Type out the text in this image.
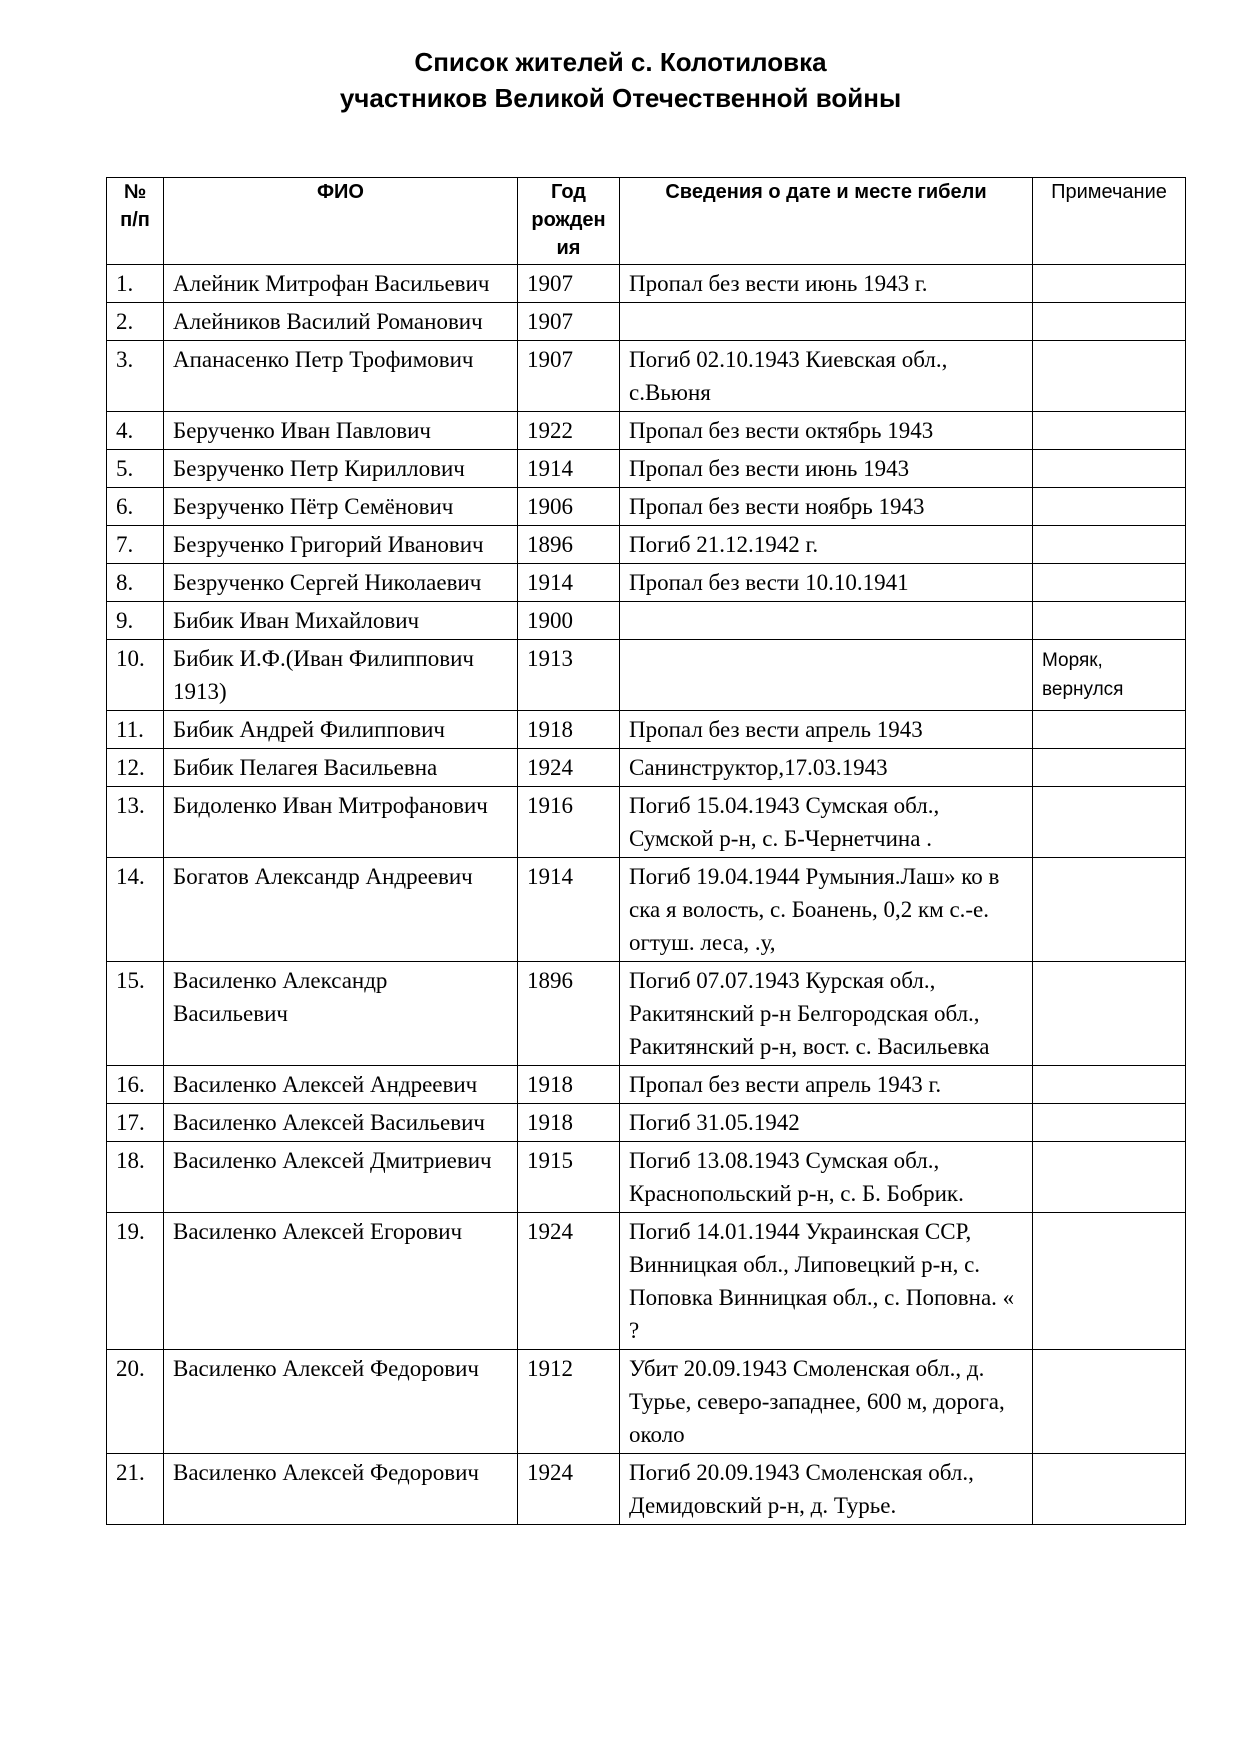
Список жителей с. Колотиловка
участников Великой Отечественной войны
№ п/п	ФИО	Год рожден ия	Сведения о дате и месте гибели	Примечание
1.	Алейник Митрофан Васильевич	1907	Пропал без вести июнь 1943 г.	
2.	Алейников Василий Романович	1907		
3.	Апанасенко Петр Трофимович	1907	Погиб 02.10.1943 Киевская обл., с.Вьюня	
4.	Берученко Иван Павлович	1922	Пропал без вести октябрь 1943	
5.	Безрученко Петр Кириллович	1914	Пропал без вести июнь 1943	
6.	Безрученко Пётр Семёнович	1906	Пропал без вести ноябрь 1943	
7.	Безрученко Григорий Иванович	1896	Погиб 21.12.1942 г.	
8.	Безрученко Сергей Николаевич	1914	Пропал без вести 10.10.1941	
9.	Бибик Иван Михайлович	1900		
10.	Бибик И.Ф.(Иван Филиппович 1913)	1913		Моряк, вернулся
11.	Бибик Андрей Филиппович	1918	Пропал без вести апрель 1943	
12.	Бибик Пелагея Васильевна	1924	Санинструктор,17.03.1943	
13.	Бидоленко Иван Митрофанович	1916	Погиб 15.04.1943 Сумская обл., Сумской р-н, с. Б-Чернетчина .	
14.	Богатов Александр Андреевич	1914	Погиб 19.04.1944 Румыния.Лаш» ко в ска я волость, с. Боанень, 0,2 км с.-е. огтуш. леса, .у,	
15.	Василенко Александр Васильевич	1896	Погиб 07.07.1943 Курская обл., Ракитянский р-н Белгородская обл., Ракитянский р-н, вост. с. Васильевка	
16.	Василенко Алексей Андреевич	1918	Пропал без вести апрель 1943 г.	
17.	Василенко Алексей Васильевич	1918	Погиб 31.05.1942	
18.	Василенко Алексей Дмитриевич	1915	Погиб 13.08.1943 Сумская обл., Краснопольский р-н, с. Б. Бобрик.	
19.	Василенко Алексей Егорович	1924	Погиб 14.01.1944 Украинская ССР, Винницкая обл., Липовецкий р-н, с. Поповка Винницкая обл., с. Поповна. « ?	
20.	Василенко Алексей Федорович	1912	Убит 20.09.1943 Смоленская обл., д. Турье, северо-западнее, 600 м, дорога, около	
21.	Василенко Алексей Федорович	1924	Погиб 20.09.1943 Смоленская обл., Демидовский р-н, д. Турье.	
